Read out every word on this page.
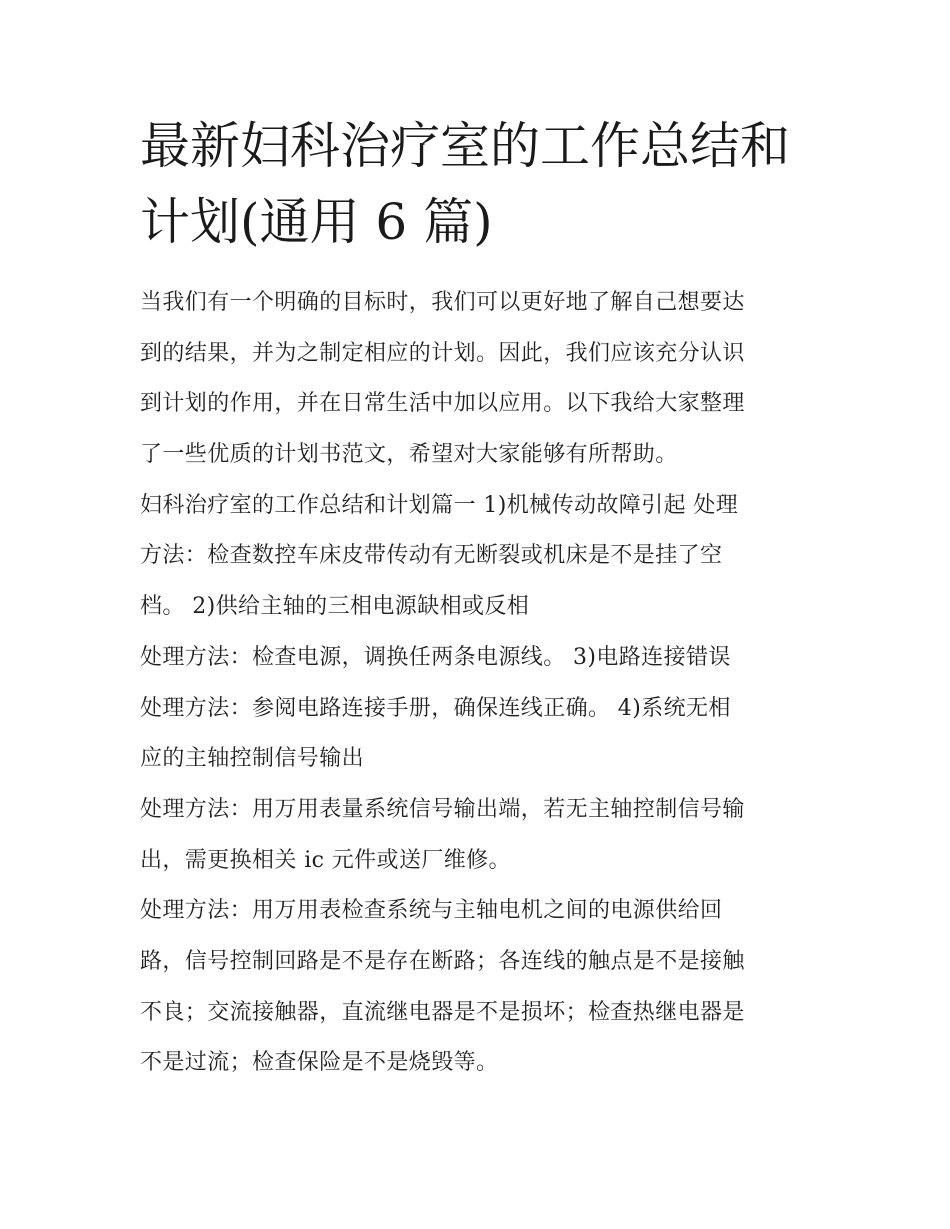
最新妇科治疗室的工作总结和
计划(通用 6 篇)
当我们有一个明确的目标时，我们可以更好地了解自己想要达
到的结果，并为之制定相应的计划。因此，我们应该充分认识
到计划的作用，并在日常生活中加以应用。以下我给大家整理
了一些优质的计划书范文，希望对大家能够有所帮助。
妇科治疗室的工作总结和计划篇一 1)机械传动故障引起 处理
方法：检查数控车床皮带传动有无断裂或机床是不是挂了空
档。 2)供给主轴的三相电源缺相或反相
处理方法：检查电源，调换任两条电源线。 3)电路连接错误
处理方法：参阅电路连接手册，确保连线正确。 4)系统无相
应的主轴控制信号输出
处理方法：用万用表量系统信号输出端，若无主轴控制信号输
出，需更换相关 ic 元件或送厂维修。
处理方法：用万用表检查系统与主轴电机之间的电源供给回
路，信号控制回路是不是存在断路；各连线的触点是不是接触
不良；交流接触器，直流继电器是不是损坏；检查热继电器是
不是过流；检查保险是不是烧毁等。
